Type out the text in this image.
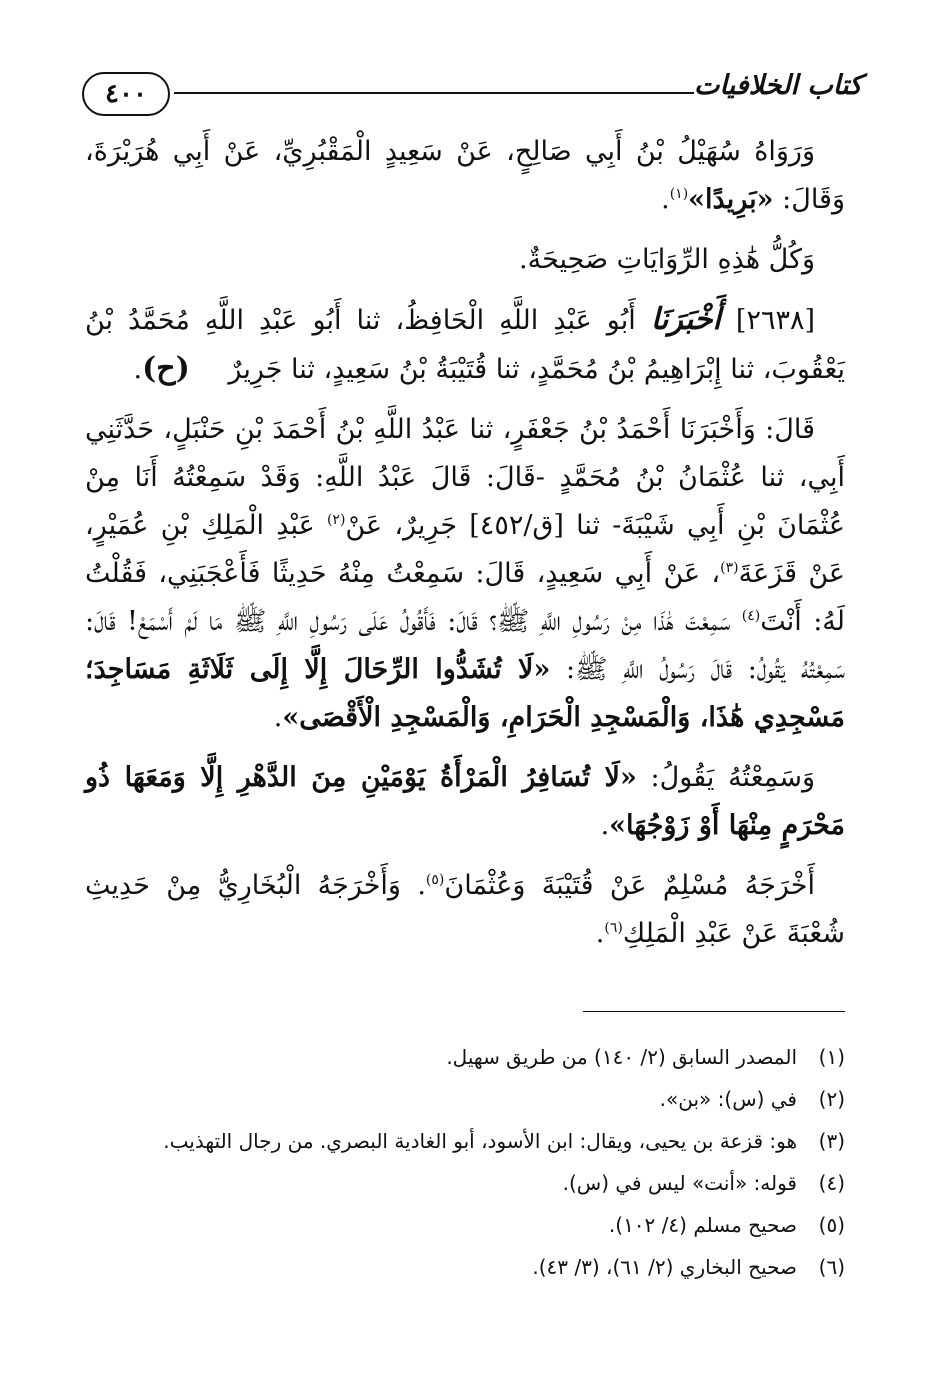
٤٠٠	كتاب الخلافيات

وَرَوَاهُ سُهَيْلُ بْنُ أَبِي صَالِحٍ، عَنْ سَعِيدٍ الْمَقْبُرِيِّ، عَنْ أَبِي هُرَيْرَةَ، وَقَالَ: «بَرِيدًا»$^{(١)}$.

وَكُلُّ هَٰذِهِ الرِّوَايَاتِ صَحِيحَةٌ.

[٢٦٣٨] أَخْبَرَنَا أَبُو عَبْدِ اللَّهِ الْحَافِظُ، ثنا أَبُو عَبْدِ اللَّهِ مُحَمَّدُ بْنُ يَعْقُوبَ، ثنا إِبْرَاهِيمُ بْنُ مُحَمَّدٍ، ثنا قُتَيْبَةُ بْنُ سَعِيدٍ، ثنا جَرِيرٌ (ح).

قَالَ: وَأَخْبَرَنَا أَحْمَدُ بْنُ جَعْفَرٍ، ثنا عَبْدُ اللَّهِ بْنُ أَحْمَدَ بْنِ حَنْبَلٍ، حَدَّثَنِي أَبِي، ثنا عُثْمَانُ بْنُ مُحَمَّدٍ -قَالَ: قَالَ عَبْدُ اللَّهِ: وَقَدْ سَمِعْتُهُ أَنَا مِنْ عُثْمَانَ بْنِ أَبِي شَيْبَةَ- ثنا [ق/٤٥٢] جَرِيرٌ، عَنْ$^{(٢)}$ عَبْدِ الْمَلِكِ بْنِ عُمَيْرٍ، عَنْ قَزَعَةَ$^{(٣)}$، عَنْ أَبِي سَعِيدٍ، قَالَ: سَمِعْتُ مِنْهُ حَدِيثًا فَأَعْجَبَنِي، فَقُلْتُ لَهُ: أَنْتَ$^{(٤)}$ سَمِعْتَ هَٰذَا مِنْ رَسُولِ اللَّهِ ﷺ؟ قَالَ: فَأَقُولُ عَلَى رَسُولِ اللَّهِ ﷺ مَا لَمْ أَسْمَعْ! قَالَ: سَمِعْتُهُ يَقُولُ: قَالَ رَسُولُ اللَّهِ ﷺ: «لَا تُشَدُّوا الرِّحَالَ إِلَّا إِلَى ثَلَاثَةِ مَسَاجِدَ؛ مَسْجِدِي هَٰذَا، وَالْمَسْجِدِ الْحَرَامِ، وَالْمَسْجِدِ الْأَقْصَى».

وَسَمِعْتُهُ يَقُولُ: «لَا تُسَافِرُ الْمَرْأَةُ يَوْمَيْنِ مِنَ الدَّهْرِ إِلَّا وَمَعَهَا ذُو مَحْرَمٍ مِنْهَا أَوْ زَوْجُهَا».

أَخْرَجَهُ مُسْلِمٌ عَنْ قُتَيْبَةَ وَعُثْمَانَ$^{(٥)}$. وَأَخْرَجَهُ الْبُخَارِيُّ مِنْ حَدِيثِ شُعْبَةَ عَنْ عَبْدِ الْمَلِكِ$^{(٦)}$.

(١)
المصدر السابق (٢/ ١٤٠) من طريق سهيل.
(٢)
في (س): «بن».
(٣)
هو: قزعة بن يحيى، ويقال: ابن الأسود، أبو الغادية البصري. من رجال التهذيب.
(٤)
قوله: «أنت» ليس في (س).
(٥)
صحيح مسلم (٤/ ١٠٢).
(٦)
صحيح البخاري (٢/ ٦١)، (٣/ ٤٣).
